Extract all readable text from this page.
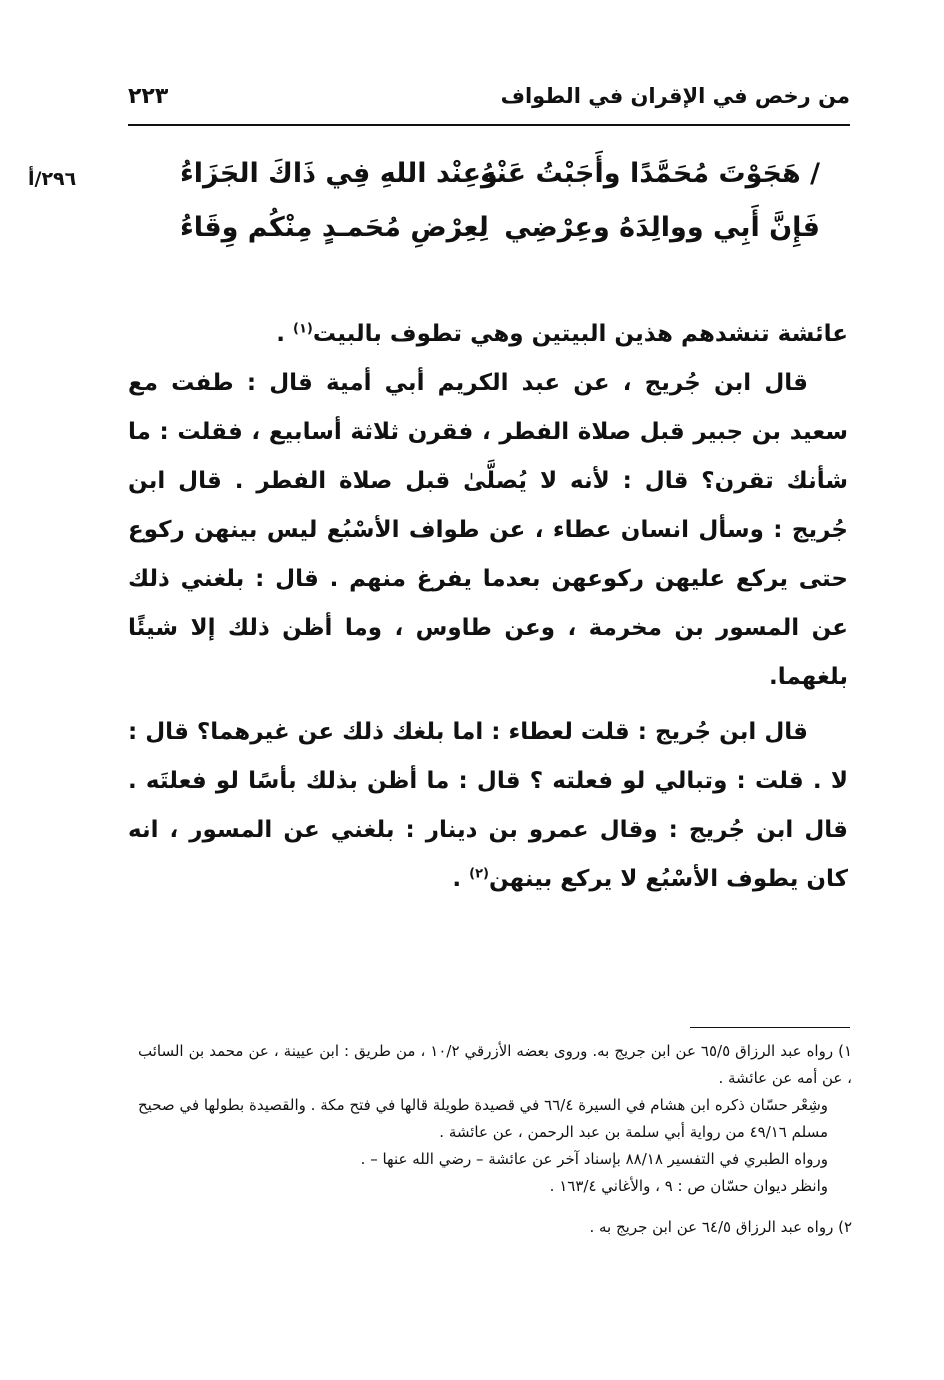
من رخص في الإقران في الطواف
٢٢٣
٢٩٦/أ	/ هَجَوْتَ مُحَمَّدًا وأَجَبْتُ عَنْهُ
وعِنْد اللهِ فِي ذَاكَ الجَزَاءُ
فَإِنَّ أَبِي ووالِدَهُ وعِرْضِي
لِعِرْضِ مُحَمـدٍ مِنْكُم وِقَاءُ

عائشة تنشدهم هذين البيتين وهي تطوف بالبيت$^{(١)}$ .

قال ابن جُريج ، عن عبد الكريم أبي أمية قال : طفت مع سعيد بن جبير قبل صلاة الفطر ، فقرن ثلاثة أسابيع ، فقلت : ما شأنك تقرن؟ قال : لأنه لا يُصلَّىٰ قبل صلاة الفطر . قال ابن جُريج : وسأل انسان عطاء ، عن طواف الأسْبُع ليس بينهن ركوع حتى يركع عليهن ركوعهن بعدما يفرغ منهم . قال : بلغني ذلك عن المسور بن مخرمة ، وعن طاوس ، وما أظن ذلك إلا شيئًا بلغهما.

قال ابن جُريج : قلت لعطاء : اما بلغك ذلك عن غيرهما؟ قال : لا . قلت : وتبالي لو فعلته ؟ قال : ما أظن بذلك بأسًا لو فعلتَه . قال ابن جُريج : وقال عمرو بن دينار : بلغني عن المسور ، انه كان يطوف الأسْبُع لا يركع بينهن$^{(٢)}$ .

١) رواه عبد الرزاق ٦٥/٥ عن ابن جريج به. وروى بعضه الأزرقي ١٠/٢ ، من طريق : ابن عيينة ، عن محمد بن السائب ، عن أمه عن عائشة .

وشِعْر حسّان ذكره ابن هشام في السيرة ٦٦/٤ في قصيدة طويلة قالها في فتح مكة . والقصيدة بطولها في صحيح مسلم ٤٩/١٦ من رواية أبي سلمة بن عبد الرحمن ، عن عائشة .

ورواه الطبري في التفسير ٨٨/١٨ بإسناد آخر عن عائشة – رضي الله عنها – .

وانظر ديوان حسّان ص : ٩ ، والأغاني ١٦٣/٤ .

٢) رواه عبد الرزاق ٦٤/٥ عن ابن جريج به .
